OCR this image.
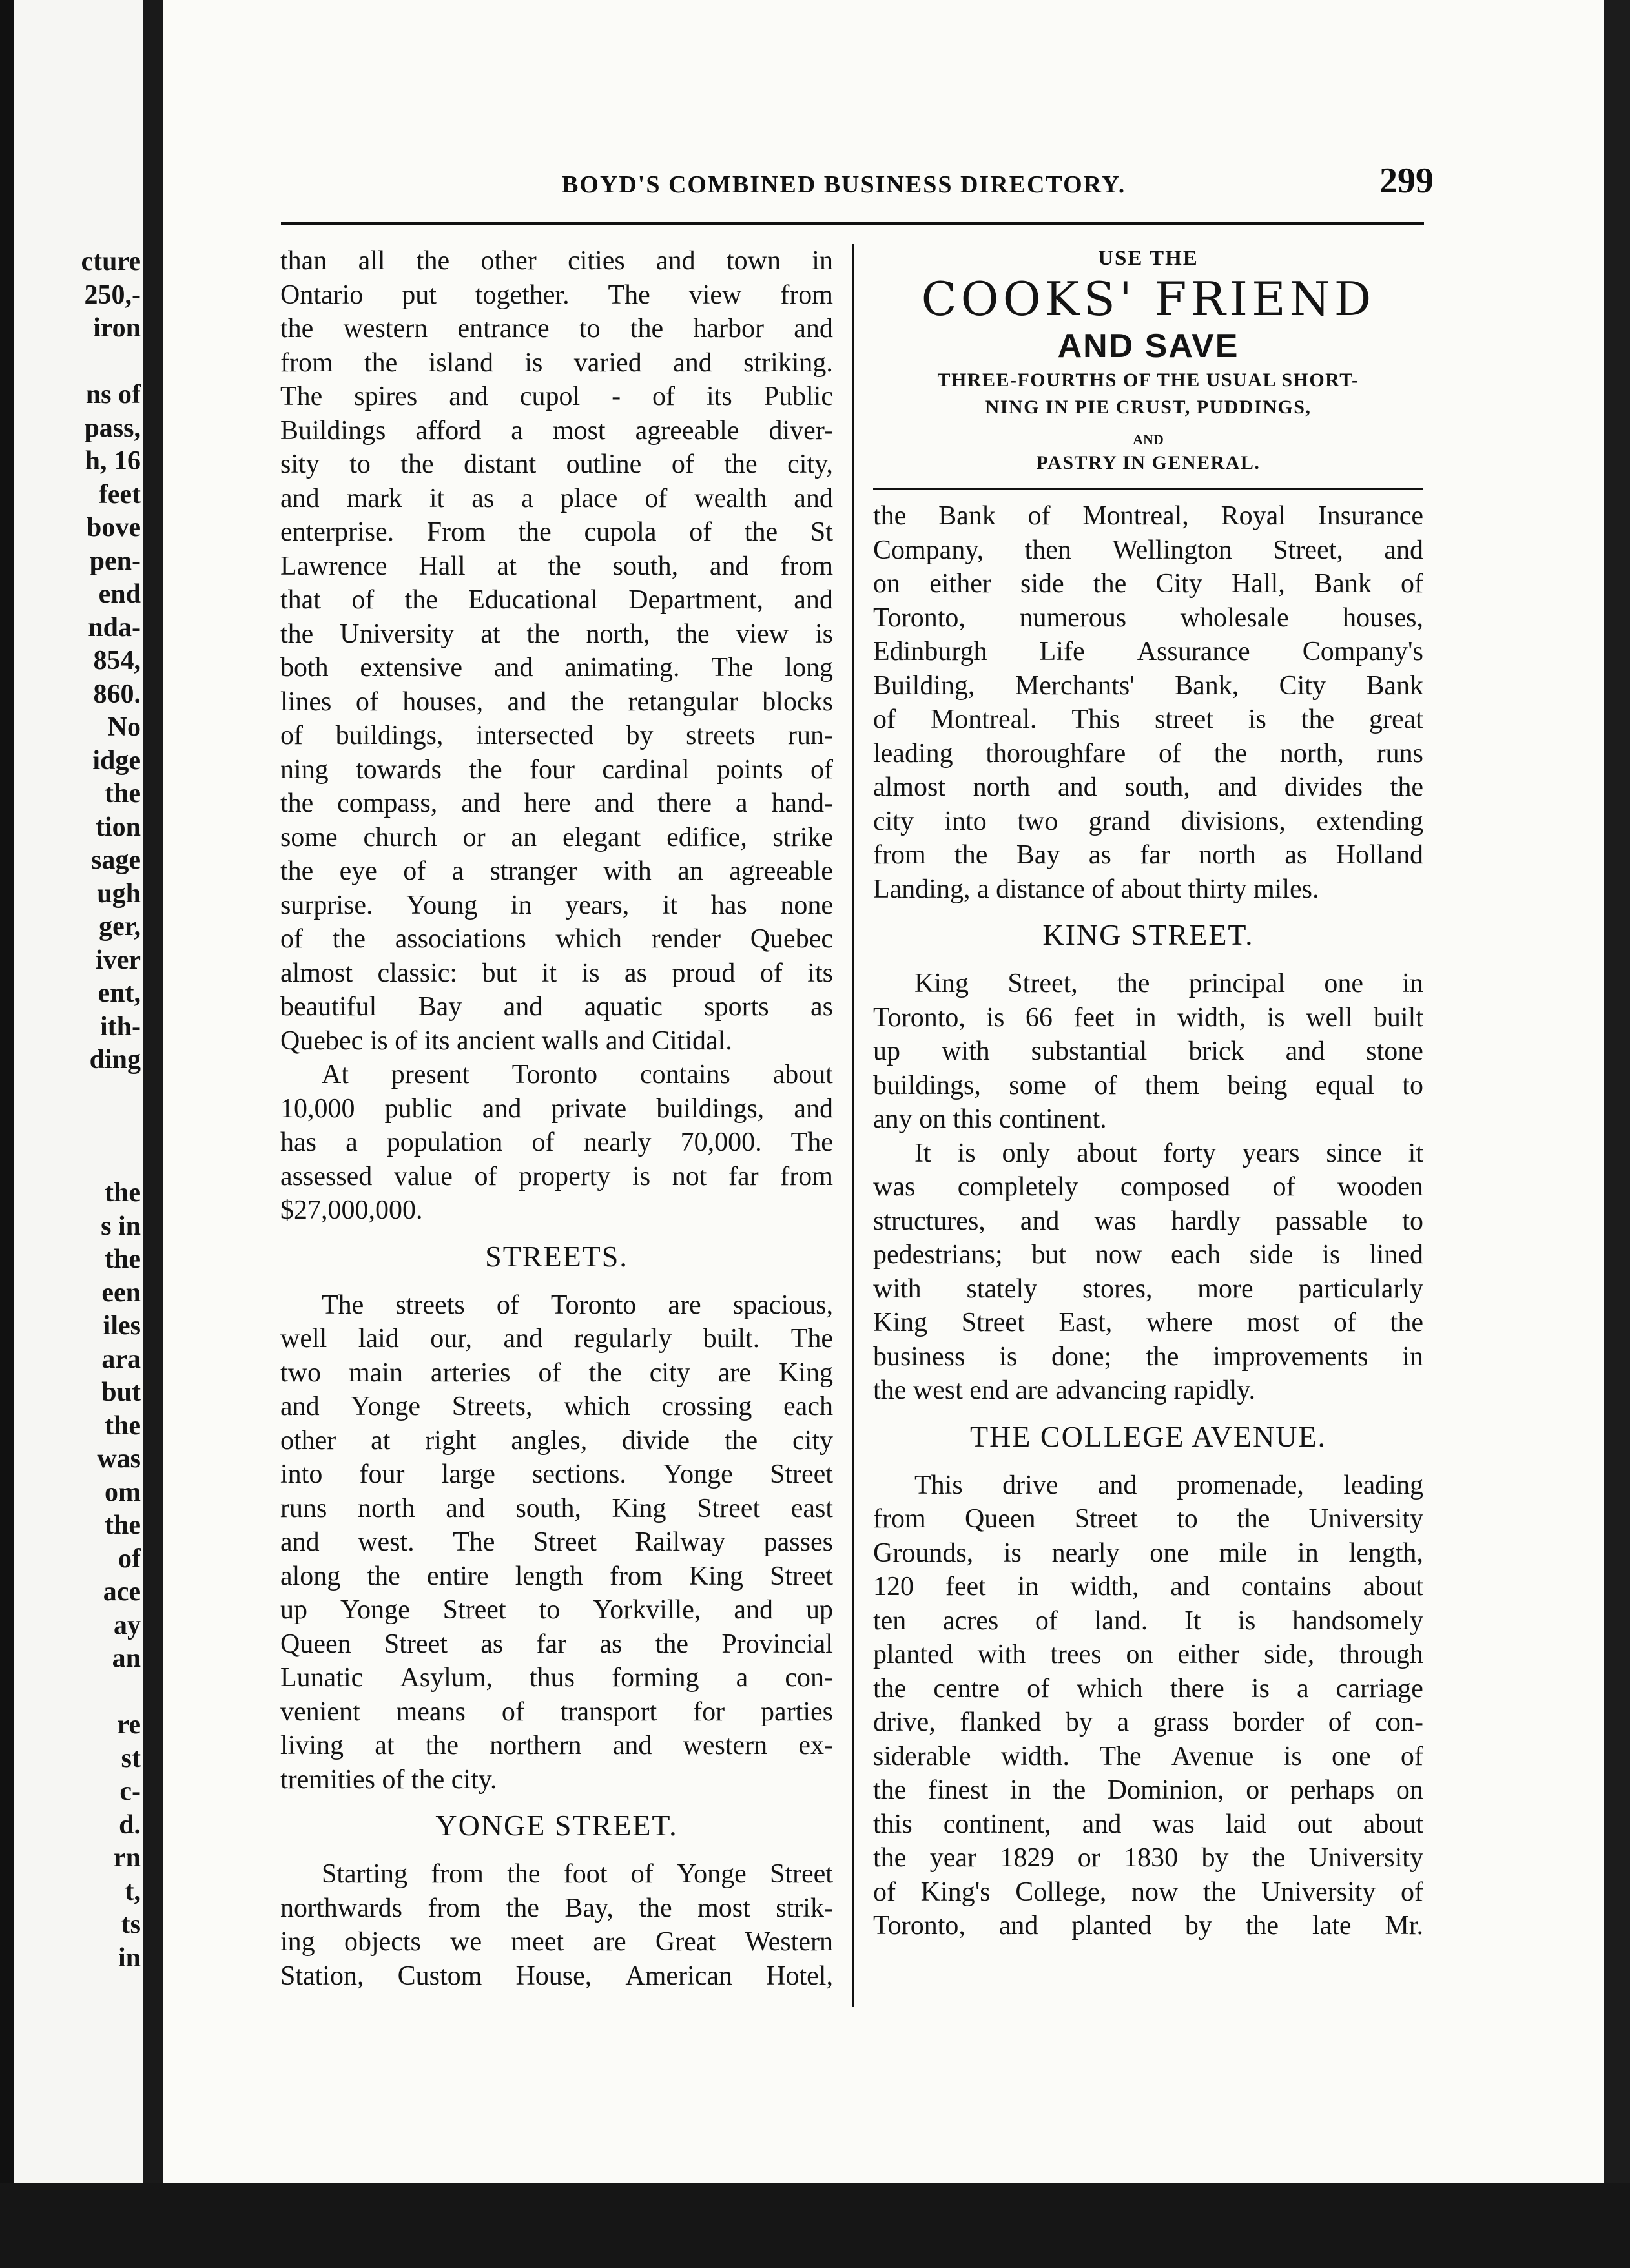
cture
250,-
iron
ns of
pass,
h, 16
feet
bove
pen-
end
nda-
854,
860.
No
idge
the
tion
sage
ugh
ger,
iver
ent,
ith-
ding
the
s in
the
een
iles
ara
but
the
was
om
the
of
ace
ay
an
re
st
c-
d.
rn
t,
ts
in
BOYD'S COMBINED BUSINESS DIRECTORY.	299
than all the other cities and town in
Ontario put together. The view from
the western entrance to the harbor and
from the island is varied and striking.
The spires and cupol - of its Public
Buildings afford a most agreeable diver-
sity to the distant outline of the city,
and mark it as a place of wealth and
enterprise. From the cupola of the St
Lawrence Hall at the south, and from
that of the Educational Department, and
the University at the north, the view is
both extensive and animating. The long
lines of houses, and the retangular blocks
of buildings, intersected by streets run-
ning towards the four cardinal points of
the compass, and here and there a hand-
some church or an elegant edifice, strike
the eye of a stranger with an agreeable
surprise. Young in years, it has none
of the associations which render Quebec
almost classic: but it is as proud of its
beautiful Bay and aquatic sports as
Quebec is of its ancient walls and Citidal.
At present Toronto contains about
10,000 public and private buildings, and
has a population of nearly 70,000. The
assessed value of property is not far from
$27,000,000.
STREETS.
The streets of Toronto are spacious,
well laid our, and regularly built. The
two main arteries of the city are King
and Yonge Streets, which crossing each
other at right angles, divide the city
into four large sections. Yonge Street
runs north and south, King Street east
and west. The Street Railway passes
along the entire length from King Street
up Yonge Street to Yorkville, and up
Queen Street as far as the Provincial
Lunatic Asylum, thus forming a con-
venient means of transport for parties
living at the northern and western ex-
tremities of the city.
YONGE STREET.
Starting from the foot of Yonge Street
northwards from the Bay, the most strik-
ing objects we meet are Great Western
Station, Custom House, American Hotel,
USE THE
COOKS' FRIEND
AND SAVE
THREE-FOURTHS OF THE USUAL SHORT-
NING IN PIE CRUST, PUDDINGS,
AND
PASTRY IN GENERAL.
the Bank of Montreal, Royal Insurance
Company, then Wellington Street, and
on either side the City Hall, Bank of
Toronto, numerous wholesale houses,
Edinburgh Life Assurance Company's
Building, Merchants' Bank, City Bank
of Montreal. This street is the great
leading thoroughfare of the north, runs
almost north and south, and divides the
city into two grand divisions, extending
from the Bay as far north as Holland
Landing, a distance of about thirty miles.
KING STREET.
King Street, the principal one in
Toronto, is 66 feet in width, is well built
up with substantial brick and stone
buildings, some of them being equal to
any on this continent.
It is only about forty years since it
was completely composed of wooden
structures, and was hardly passable to
pedestrians; but now each side is lined
with stately stores, more particularly
King Street East, where most of the
business is done; the improvements in
the west end are advancing rapidly.
THE COLLEGE AVENUE.
This drive and promenade, leading
from Queen Street to the University
Grounds, is nearly one mile in length,
120 feet in width, and contains about
ten acres of land. It is handsomely
planted with trees on either side, through
the centre of which there is a carriage
drive, flanked by a grass border of con-
siderable width. The Avenue is one of
the finest in the Dominion, or perhaps on
this continent, and was laid out about
the year 1829 or 1830 by the University
of King's College, now the University of
Toronto, and planted by the late Mr.
